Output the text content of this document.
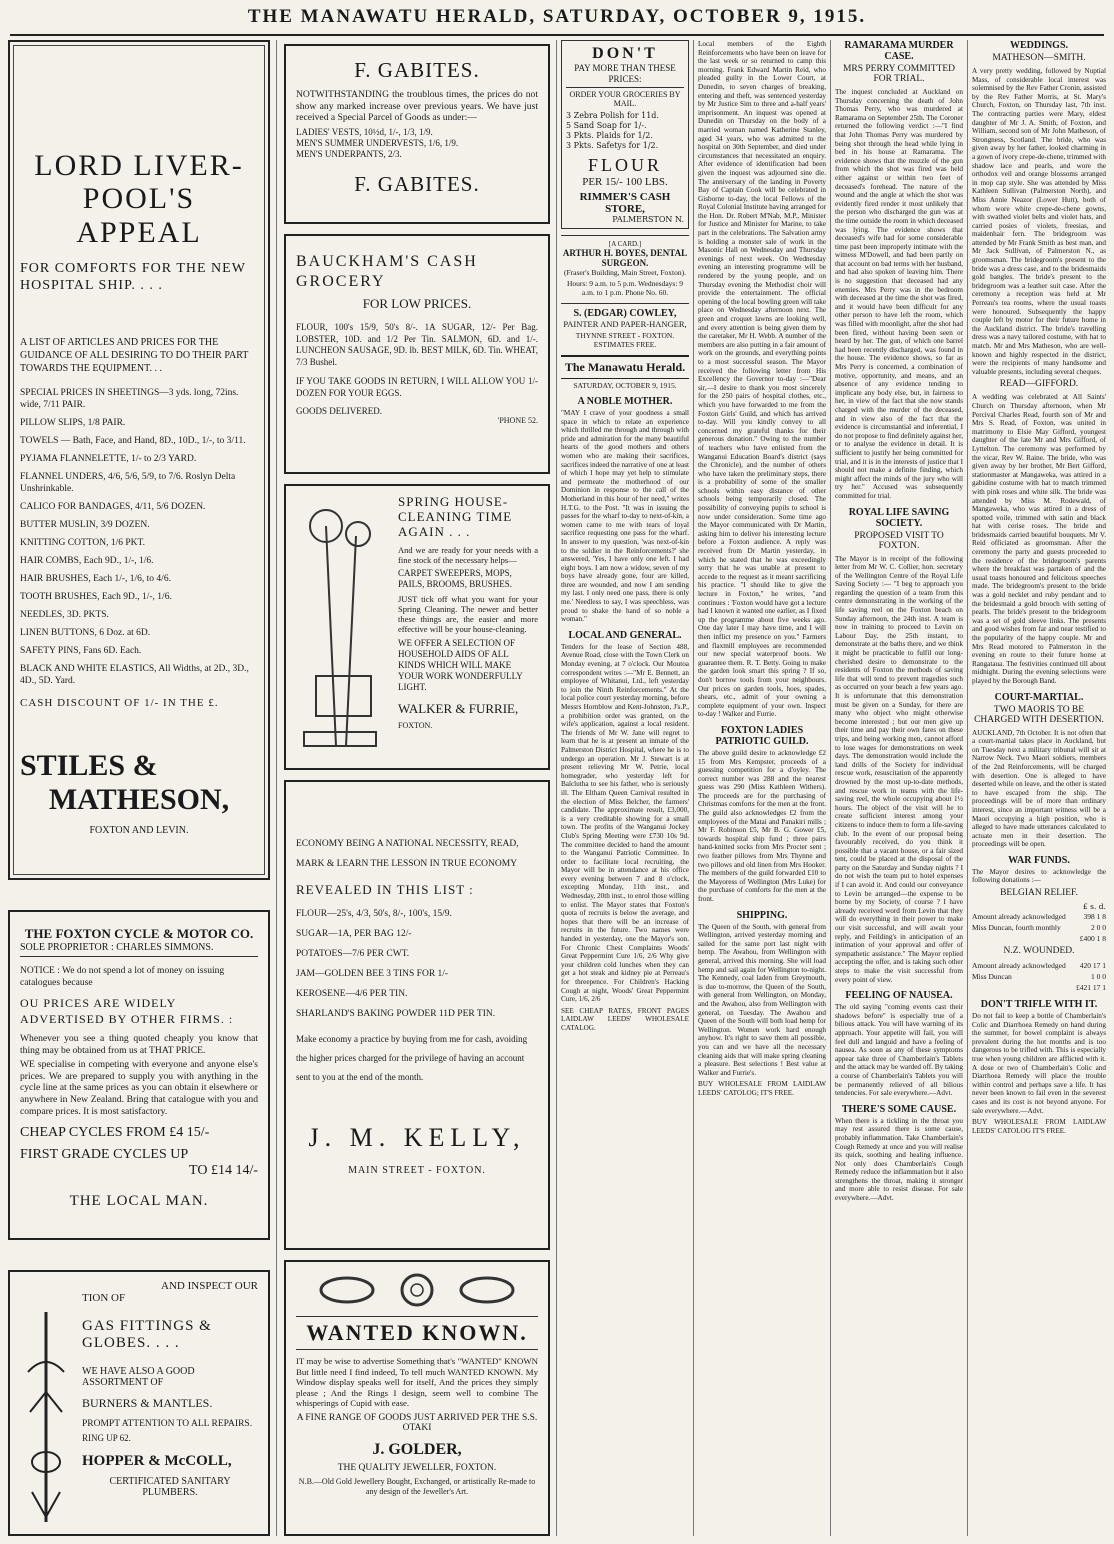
THE MANAWATU HERALD, SATURDAY, OCTOBER 9, 1915.
LORD LIVER-
POOL'S APPEAL
FOR COMFORTS FOR THE NEW HOSPITAL SHIP. . . .
A LIST OF ARTICLES AND PRICES FOR THE GUIDANCE OF ALL DESIRING TO DO THEIR PART TOWARDS THE EQUIPMENT. . .

SPECIAL PRICES IN SHEETINGS—3 yds. long, 72ins. wide, 7/11 PAIR.

PILLOW SLIPS, 1/8 PAIR.

TOWELS — Bath, Face, and Hand, 8D., 10D., 1/-, to 3/11.

PYJAMA FLANNELETTE, 1/- to 2/3 YARD.

FLANNEL UNDERS, 4/6, 5/6, 5/9, to 7/6. Roslyn Delta Unshrinkable.

CALICO FOR BANDAGES, 4/11, 5/6 DOZEN.

BUTTER MUSLIN, 3/9 DOZEN.

KNITTING COTTON, 1/6 PKT.

HAIR COMBS, Each 9D., 1/-, 1/6.

HAIR BRUSHES, Each 1/-, 1/6, to 4/6.

TOOTH BRUSHES, Each 9D., 1/-, 1/6.

NEEDLES, 3D. PKTS.

LINEN BUTTONS, 6 Doz. at 6D.

SAFETY PINS, Fans 6D. Each.

BLACK AND WHITE ELASTICS, All Widths, at 2D., 3D., 4D., 5D. Yard.

CASH DISCOUNT OF 1/- IN THE £.
STILES &
MATHESON,
FOXTON AND LEVIN.
THE FOXTON CYCLE & MOTOR CO.
SOLE PROPRIETOR : CHARLES SIMMONS.
NOTICE : We do not spend a lot of money on issuing catalogues because
OU PRICES ARE WIDELY ADVERTISED BY OTHER FIRMS. :

Whenever you see a thing quoted cheaply you know that thing may be obtained from us at THAT PRICE.

WE specialise in competing with everyone and anyone else's prices. We are prepared to supply you with anything in the cycle line at the same prices as you can obtain it elsewhere or anywhere in New Zealand. Bring that catalogue with you and compare prices. It is most satisfactory.

CHEAP CYCLES FROM £4 15/-
FIRST GRADE CYCLES UP
TO £14 14/-
THE LOCAL MAN.
AND INSPECT OUR
TION OF
GAS FITTINGS &
GLOBES. . . .
WE HAVE ALSO A GOOD
ASSORTMENT OF
BURNERS & MANTLES.
PROMPT ATTENTION TO ALL REPAIRS.
RING UP 62.
HOPPER & McCOLL,
CERTIFICATED SANITARY PLUMBERS.
F. GABITES.

NOTWITHSTANDING the troublous times, the prices do not show any marked increase over previous years. We have just received a Special Parcel of Goods as under:—

LADIES' VESTS, 10½d, 1/-, 1/3, 1/9.
MEN'S SUMMER UNDERVESTS, 1/6, 1/9.
MEN'S UNDERPANTS, 2/3.
F. GABITES.
BAUCKHAM'S CASH GROCERY
FOR LOW PRICES.

FLOUR, 100's 15/9, 50's 8/-. 1A SUGAR, 12/- Per Bag. LOBSTER, 10D. and 1/2 Per Tin. SALMON, 6D. and 1/-. LUNCHEON SAUSAGE, 9D. lb. BEST MILK, 6D. Tin. WHEAT, 7/3 Bushel.

IF YOU TAKE GOODS IN RETURN, I WILL ALLOW YOU 1/- DOZEN FOR YOUR EGGS.

GOODS DELIVERED.
'PHONE 52.
SPRING HOUSE-CLEANING TIME AGAIN . . .

And we are ready for your needs with a fine stock of the necessary helps—

CARPET SWEEPERS, MOPS, PAILS, BROOMS, BRUSHES.

JUST tick off what you want for your Spring Cleaning. The newer and better these things are, the easier and more effective will be your house-cleaning.

WE OFFER A SELECTION OF HOUSEHOLD AIDS OF ALL KINDS WHICH WILL MAKE YOUR WORK WONDERFULLY LIGHT.
WALKER & FURRIE,
FOXTON.
ECONOMY BEING A NATIONAL NECESSITY, READ, MARK & LEARN THE LESSON IN TRUE ECONOMY
REVEALED IN THIS LIST :
FLOUR—25's, 4/3, 50's, 8/-, 100's, 15/9.
SUGAR—1A, PER BAG 12/-
POTATOES—7/6 PER CWT.
JAM—GOLDEN BEE 3 TINS FOR 1/-
KEROSENE—4/6 PER TIN.
SHARLAND'S BAKING POWDER 11D PER TIN.
Make economy a practice by buying from me for cash, avoiding the higher prices charged for the privilege of having an account sent to you at the end of the month.
J. M. KELLY,
MAIN STREET - FOXTON.
WANTED KNOWN.

IT may be wise to advertise Something that's "WANTED" KNOWN But little need I find indeed, To tell much WANTED KNOWN. My Window display speaks well for itself, And the prices they simply please ; And the Rings I design, seem well to combine The whisperings of Cupid with ease.

A FINE RANGE OF GOODS JUST ARRIVED PER THE S.S. OTAKI
J. GOLDER,
THE QUALITY JEWELLER, FOXTON.
N.B.—Old Gold Jewellery Bought, Exchanged, or artistically Re-made to any design of the Jeweller's Art.
DON'T
PAY MORE THAN THESE PRICES:
ORDER YOUR GROCERIES BY MAIL.
3 Zebra Polish for 11d.
5 Sand Soap for 1/-.
3 Pkts. Plaids for 1/2.
3 Pkts. Safetys for 1/2.
FLOUR
PER 15/- 100 LBS.
RIMMER'S CASH STORE,
PALMERSTON N.
[A CARD.]
ARTHUR H. BOYES, DENTAL SURGEON.
(Fraser's Building, Main Street, Foxton).
Hours: 9 a.m. to 5 p.m. Wednesdays: 9 a.m. to 1 p.m. Phone No. 60.
S. (EDGAR) COWLEY,
PAINTER AND PAPER-HANGER,
THYNNE STREET - FOXTON.
ESTIMATES FREE.
The Manawatu Herald.
SATURDAY, OCTOBER 9, 1915.
A NOBLE MOTHER.

"MAY I crave of your goodness a small space in which to relate an experience which thrilled me through and through with pride and admiration for the many beautiful hearts of the good mothers and others women who are making their sacrifices, sacrifices indeed the narrative of one at least of which I hope may yet help to stimulate and permeate the motherhood of our Dominion in response to the call of the Motherland in this hour of her need," writes H.T.G. to the Post. "It was in issuing the passes for the wharf to-day to next-of-kin, a women came to me with tears of loyal sacrifice requesting one pass for the wharf. In answer to my question, 'was next-of-kin to the soldier in the Reinforcements?' she answered, 'Yes, I have only one left. I had eight boys. I am now a widow, seven of my boys have already gone, four are killed, three are wounded, and now I am sending my last. I only need one pass, there is only me.' Needless to say, I was speechless, was proud to shake the hand of so noble a woman."

LOCAL AND GENERAL.

Tenders for the lease of Section 488, Avenue Road, close with the Town Clerk on Monday evening, at 7 o'clock. Our Moutoa correspondent writes :—"Mr E. Bennett, an employee of Whitanui, Ltd., left yesterday to join the Ninth Reinforcements." At the local police court yesterday morning, before Messrs Hornblow and Kent-Johnston, J's.P., a prohibition order was granted, on the wife's application, against a local resident. The friends of Mr W. Jane will regret to learn that he is at present an inmate of the Palmerston District Hospital, where he is to undergo an operation. Mr J. Stewart is at present relieving Mr W. Petrie, local homegrader, who yesterday left for Balclutha to see his father, who is seriously ill. The Eltham Queen Carnival resulted in the election of Miss Belcher, the farmers' candidate. The approximate result, £3,000, is a very creditable showing for a small town. The profits of the Wanganui Jockey Club's Spring Meeting were £730 10s 9d. The committee decided to hand the amount to the Wanganui Patriotic Committee. In order to facilitate local recruiting, the Mayor will be in attendance at his office every evening between 7 and 8 o'clock, excepting Monday, 11th inst., and Wednesday, 20th inst., to enrol those willing to enlist. The Mayor states that Foxton's quota of recruits is below the average, and hopes that there will be an increase of recruits in the future. Two names were handed in yesterday, one the Mayor's son. For Chronic Chest Complaints Woods' Great Peppermint Cure 1/6, 2/6 Why give your children cold lunches when they can get a hot steak and kidney pie at Perreau's for threepence. For Children's Hacking Cough at night, Woods' Great Peppermint Cure, 1/6, 2/6

SEE CHEAP RATES, FRONT PAGES LAIDLAW LEEDS' WHOLESALE CATALOG.

Local members of the Eighth Reinforcements who have been on leave for the last week or so returned to camp this morning. Frank Edward Martin Reid, who pleaded guilty in the Lower Court, at Dunedin, to seven charges of breaking, entering and theft, was sentenced yesterday by Mr Justice Sim to three and a-half years' imprisonment. An inquest was opened at Dunedin on Thursday on the body of a married woman named Katherine Stanley, aged 34 years, who was admitted to the hospital on 30th September, and died under circumstances that necessitated an enquiry. After evidence of identification had been given the inquest was adjourned sine die. The anniversary of the landing in Poverty Bay of Captain Cook will be celebrated in Gisborne to-day, the local Fellows of the Royal Colonial Institute having arranged for the Hon. Dr. Robert M'Nab, M.P., Minister for Justice and Minister for Marine, to take part in the celebrations. The Salvation army is holding a monster sale of work in the Masonic Hall on Wednesday and Thursday evenings of next week. On Wednesday evening an interesting programme will be rendered by the young people, and on Thursday evening the Methodist choir will provide the entertainment. The official opening of the local bowling green will take place on Wednesday afternoon next. The green and croquet lawns are looking well, and every attention is being given them by the caretaker, Mr H. Webb. A number of the members are also putting in a fair amount of work on the grounds, and everything points to a most successful season. The Mayor received the following letter from His Excellency the Governor to-day :—"Dear sir,—I desire to thank you most sincerely for the 250 pairs of hospital clothes, etc., which you have forwarded to me from the Foxton Girls' Guild, and which has arrived to-day. Will you kindly convey to all concerned my grateful thanks for their generous donation." Owing to the number of teachers who have enlisted from the Wanganui Education Board's district (says the Chronicle), and the number of others who have taken the preliminary steps, there is a probability of some of the smaller schools within easy distance of other schools being temporarily closed. The possibility of conveying pupils to school is now under consideration. Some time ago the Mayor communicated with Dr Martin, asking him to deliver his interesting lecture before a Foxton audience. A reply was received from Dr Martin yesterday, in which he stated that he was exceedingly sorry that he was unable at present to accede to the request as it meant sacrificing his practice. "I should like to give the lecture in Foxton," he writes, "and continues : 'Foxton would have got a lecture had I known it wanted one earlier, as I fixed up the programme about five weeks ago. One day later I may have time, and I will then inflict my presence on you." Farmers and flaxmill employees are recommended our new special waterproof boots. We guarantee them. R. T. Betty. Going to make the garden look smart this spring ? If so, don't borrow tools from your neighbours. Our prices on garden tools, hoes, spades, shears, etc., admit of your owning a complete equipment of your own. Inspect to-day ! Walker and Furrie.

FOXTON LADIES PATRIOTIC GUILD.

The above guild desire to acknowledge £2 15 from Mrs Kempster, proceeds of a guessing competition for a d'oyley. The correct number was 288 and the nearest guess was 290 (Miss Kathleen Withers). The proceeds are for the purchasing of Christmas comforts for the men at the front. The guild also acknowledges £2 from the employees of the Matai and Panakiri mills ; Mr F. Robinson £5, Mr B. G. Gower £5, towards hospital ship fund ; three pairs hand-knitted socks from Mrs Procter sent ; two feather pillows from Mrs Thynne and two pillows and old linen from Mrs Hooker. The members of the guild forwarded £10 to the Mayoress of Wellington (Mrs Luke) for the purchase of comforts for the men at the front.

SHIPPING.

The Queen of the South, with general from Wellington, arrived yesterday morning and sailed for the same port last night with hemp. The Awahou, from Wellington with general, arrived this morning. She will load hemp and sail again for Wellington to-night. The Kennedy, coal laden from Greymouth, is due to-morrow, the Queen of the South, with general from Wellington, on Monday, and the Awahou, also from Wellington with general, on Tuesday. The Awahou and Queen of the South will both load hemp for Wellington. Women work hard enough anyhow. It's right to save them all possible, you can and we have all the necessary cleaning aids that will make spring cleaning a pleasure. Best selections ! Best value at Walker and Furrie's.

BUY WHOLESALE FROM LAIDLAW LEEDS' CATOLOG; IT'S FREE.

RAMARAMA MURDER CASE.
MRS PERRY COMMITTED FOR TRIAL.

The inquest concluded at Auckland on Thursday concerning the death of John Thomas Perry, who was murdered at Ramarama on September 25th. The Coroner returned the following verdict :—"I find that John Thomas Perry was murdered by being shot through the head while lying in bed in his house at Ramarama. The evidence shows that the muzzle of the gun from which the shot was fired was held either against or within two feet of deceased's forehead. The nature of the wound and the angle at which the shot was evidently fired render it most unlikely that the person who discharged the gun was at the time outside the room in which deceased was lying. The evidence shows that deceased's wife had for some considerable time past been improperly intimate with the witness M'Dowell, and had been partly on that account on bad terms with her husband, and had also spoken of leaving him. There is no suggestion that deceased had any enemies. Mrs Perry was in the bedroom with deceased at the time the shot was fired, and it would have been difficult for any other person to have left the room, which was filled with moonlight, after the shot had been fired, without having been seen or heard by her. The gun, of which one barrel had been recently discharged, was found in the house. The evidence shows, so far as Mrs Perry is concerned, a combination of motive, opportunity, and means, and an absence of any evidence tending to implicate any body else, but, in fairness to her, in view of the fact that she now stands charged with the murder of the deceased, and in view also of the fact that the evidence is circumstantial and inferential, I do not propose to find definitely against her, or to analyse the evidence in detail. It is sufficient to justify her being committed for trial, and it is in the interests of justice that I should not make a definite finding, which might affect the minds of the jury who will try her." Accused was subsequently committed for trial.

ROYAL LIFE SAVING SOCIETY.
PROPOSED VISIT TO FOXTON.

The Mayor is in receipt of the following letter from Mr W. C. Collier, hon. secretary of the Wellington Centre of the Royal Life Saving Society :— "I beg to approach you regarding the question of a team from this centre demonstrating in the working of the life saving reel on the Foxton beach on Sunday afternoon, the 24th inst. A team is now in training to proceed to Levin on Labour Day, the 25th instant, to demonstrate at the baths there, and we think it might be practicable to fulfil our long-cherished desire to demonstrate to the residents of Foxton the methods of saving life that will tend to prevent tragedies such as occurred on your beach a few years ago. It is unfortunate that this demonstration must be given on a Sunday, for there are many who object who might otherwise become interested ; but our men give up their time and pay their own fares on these trips, and being working men, cannot afford to lose wages for demonstrations on week days. The demonstration would include the land drills of the Society for individual rescue work, resuscitation of the apparently drowned by the most up-to-date methods, and rescue work in teams with the life-saving reel, the whole occupying about 1½ hours. The object of the visit will be to create sufficient interest among your citizens to induce them to form a life-saving club. In the event of our proposal being favourably received, do you think it possible that a vacant house, or a fair sized tent, could be placed at the disposal of the party on the Saturday and Sunday nights ? I do not wish the team put to hotel expenses if I can avoid it. And could our conveyance to Levin be arranged—the expense to be borne by my Society, of course ? I have already received word from Levin that they will do everything in their power to make our visit successful, and will await your reply, and Feilding's in anticipation of an intimation of your approval and offer of sympathetic assistance." The Mayor replied accepting the offer, and is taking such other steps to make the visit successful from every point of view.

FEELING OF NAUSEA.

The old saying "coming events cast their shadows before" is especially true of a bilious attack. You will have warning of its approach. Your appetite will fail, you will feel dull and languid and have a feeling of nausea. As soon as any of these symptoms appear take three of Chamberlain's Tablets and the attack may be warded off. By taking a course of Chamberlain's Tablets you will be permanently relieved of all bilious tendencies. For sale everywhere.—Advt.

THERE'S SOME CAUSE.

When there is a tickling in the throat you may rest assured there is some cause, probably inflammation. Take Chamberlain's Cough Remedy at once and you will realise its quick, soothing and healing influence. Not only does Chamberlain's Cough Remedy reduce the inflammation but it also strengthens the throat, making it stronger and more able to resist disease. For sale everywhere.—Advt.

WEDDINGS.
MATHESON—SMITH.

A very pretty wedding, followed by Nuptial Mass, of considerable local interest was solemnised by the Rev Father Cronin, assisted by the Rev Father Morris, at St. Mary's Church, Foxton, on Thursday last, 7th inst. The contracting parties were Mary, eldest daughter of Mr J. A. Smith, of Foxton, and William, second son of Mr John Matheson, of Strongness, Scotland. The bride, who was given away by her father, looked charming in a gown of ivory crepe-de-chene, trimmed with shadow lace and pearls, and wore the orthodox veil and orange blossoms arranged in mop cap style. She was attended by Miss Kathleen Sullivan (Palmerston North), and Miss Annie Neazor (Lower Hutt), both of whom wore white crepe-de-chene gowns, with swathed violet belts and violet hats, and carried posies of violets, freesias, and maidenhair fern. The bridegroom was attended by Mr Frank Smith as best man, and Mr Jack Sullivan, of Palmerston N., as groomsman. The bridegroom's present to the bride was a dress case, and to the bridesmaids gold bangles. The bride's present to the bridegroom was a leather suit case. After the ceremony a reception was held at Mr Perreau's tea rooms, where the usual toasts were honoured. Subsequently the happy couple left by motor for their future home in the Auckland district. The bride's travelling dress was a navy tailored costume, with hat to match. Mr and Mrs Matheson, who are well-known and highly respected in the district, were the recipients of many handsome and valuable presents, including several cheques.

READ—GIFFORD.

A wedding was celebrated at All Saints' Church on Thursday afternoon, when Mr Percival Charles Read, fourth son of Mr and Mrs S. Read, of Foxton, was united in matrimony to Elsie May Gifford, youngest daughter of the late Mr and Mrs Gifford, of Lyttelton. The ceremony was performed by the vicar, Rev W. Raine. The bride, who was given away by her brother, Mr Bert Gifford, stationmaster at Mangaweka, was attired in a gabidine costume with hat to match trimmed with pink roses and white silk. The bride was attended by Miss M. Rodewald, of Mangaweka, who was attired in a dress of spotted voile, trimmed with satin and black hat with cerise roses. The bride and bridesmaids carried beautiful bouquets. Mr V. Reid officiated as groomsman. After the ceremony the party and guests proceeded to the residence of the bridegroom's parents where the breakfast was partaken of and the usual toasts honoured and felicitous speeches made. The bridegroom's present to the bride was a gold necklet and ruby pendant and to the bridesmaid a gold brooch with setting of pearls. The bride's present to the bridegroom was a set of gold sleeve links. The presents and good wishes from far and near testified to the popularity of the happy couple. Mr and Mrs Read motored to Palmerston in the evening en route to their future home at Rangataua. The festivities continued till about midnight. During the evening selections were played by the Borough Band.

COURT-MARTIAL.
TWO MAORIS TO BE CHARGED WITH DESERTION.

AUCKLAND, 7th October. It is not often that a court-martial takes place in Auckland, but on Tuesday next a military tribunal will sit at Narrow Neck. Two Maori soldiers, members of the 2nd Reinforcements, will be charged with desertion. One is alleged to have deserted while on leave, and the other is stated to have escaped from the ship. The proceedings will be of more than ordinary interest, since an important witness will be a Maori occupying a high position, who is alleged to have made utterances calculated to actuate men in their desertion. The proceedings will be open.

WAR FUNDS.

The Mayor desires to acknowledge the following donations :—

BELGIAN RELIEF.
£ s. d.
Amount already acknowledged	398 1 8
Miss Duncan, fourth monthly	2 0 0
	£400 1 8
N.Z. WOUNDED.
Amount already acknowledged	420 17 1
Miss Duncan	1 0 0
	£421 17 1
DON'T TRIFLE WITH IT.

Do not fail to keep a bottle of Chamberlain's Colic and Diarrhoea Remedy on hand during the summer, for bowel complaint is always prevalent during the hot months and is too dangerous to be trifled with. This is especially true when young children are afflicted with it. A dose or two of Chamberlain's Colic and Diarrhoea Remedy will place the trouble within control and perhaps save a life. It has never been known to fail even in the severest cases and its cost is not beyond anyone. For sale everywhere.—Advt.

BUY WHOLESALE FROM LAIDLAW LEEDS' CATOLOG IT'S FREE.
